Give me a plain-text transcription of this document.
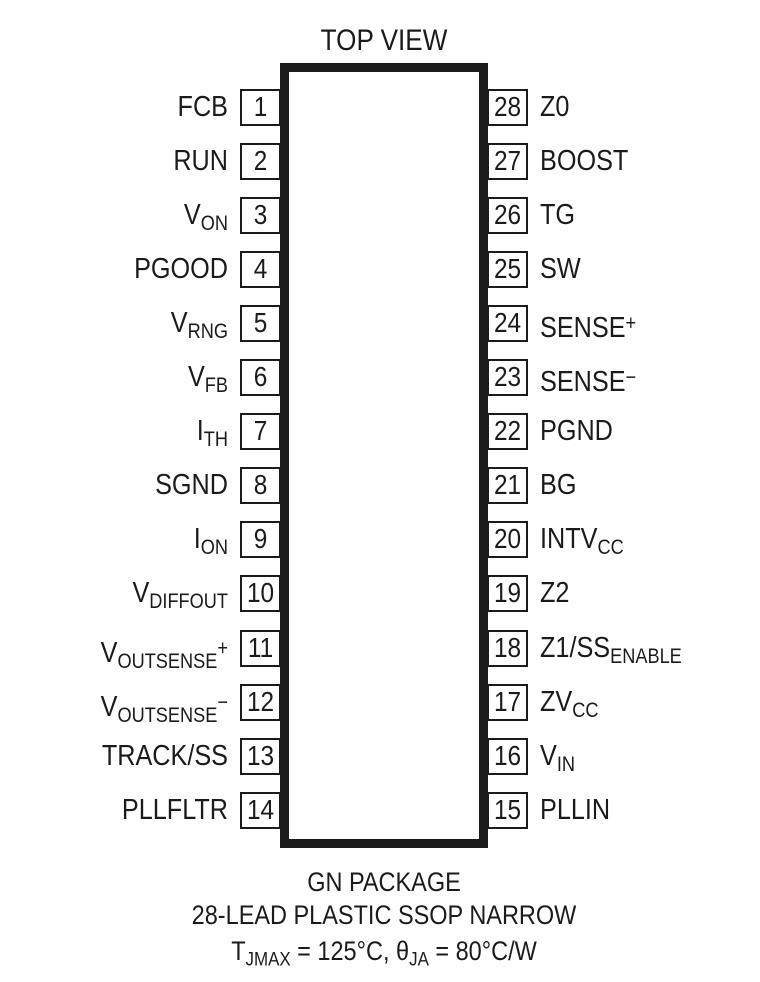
TOP VIEW
1
FCB
2
RUN
3
$V_{ON}$
4
PGOOD
5
$V_{RNG}$
6
$V_{FB}$
7
$I_{TH}$
8
SGND
9
$I_{ON}$
10
$V_{DIFFOUT}$
11
$V_{OUTSENSE}^+$
12
$V_{OUTSENSE}^-$
13
TRACK/SS
14
PLLFLTR
28 Z0
27 BOOST
26 TG
25 SW
24 SENSE+
23 SENSE−
22 PGND
21 BG
20 $INTV_{CC}$
19 Z2
18 $Z1/SS_{ENABLE}$
17 $ZV_{CC}$
16 $V_{IN}$
15 PLLIN
GN PACKAGE
28-LEAD PLASTIC SSOP NARROW
$T_{JMAX} = 125^\circ C$, $\theta_{JA} = 80^\circ C/W$
